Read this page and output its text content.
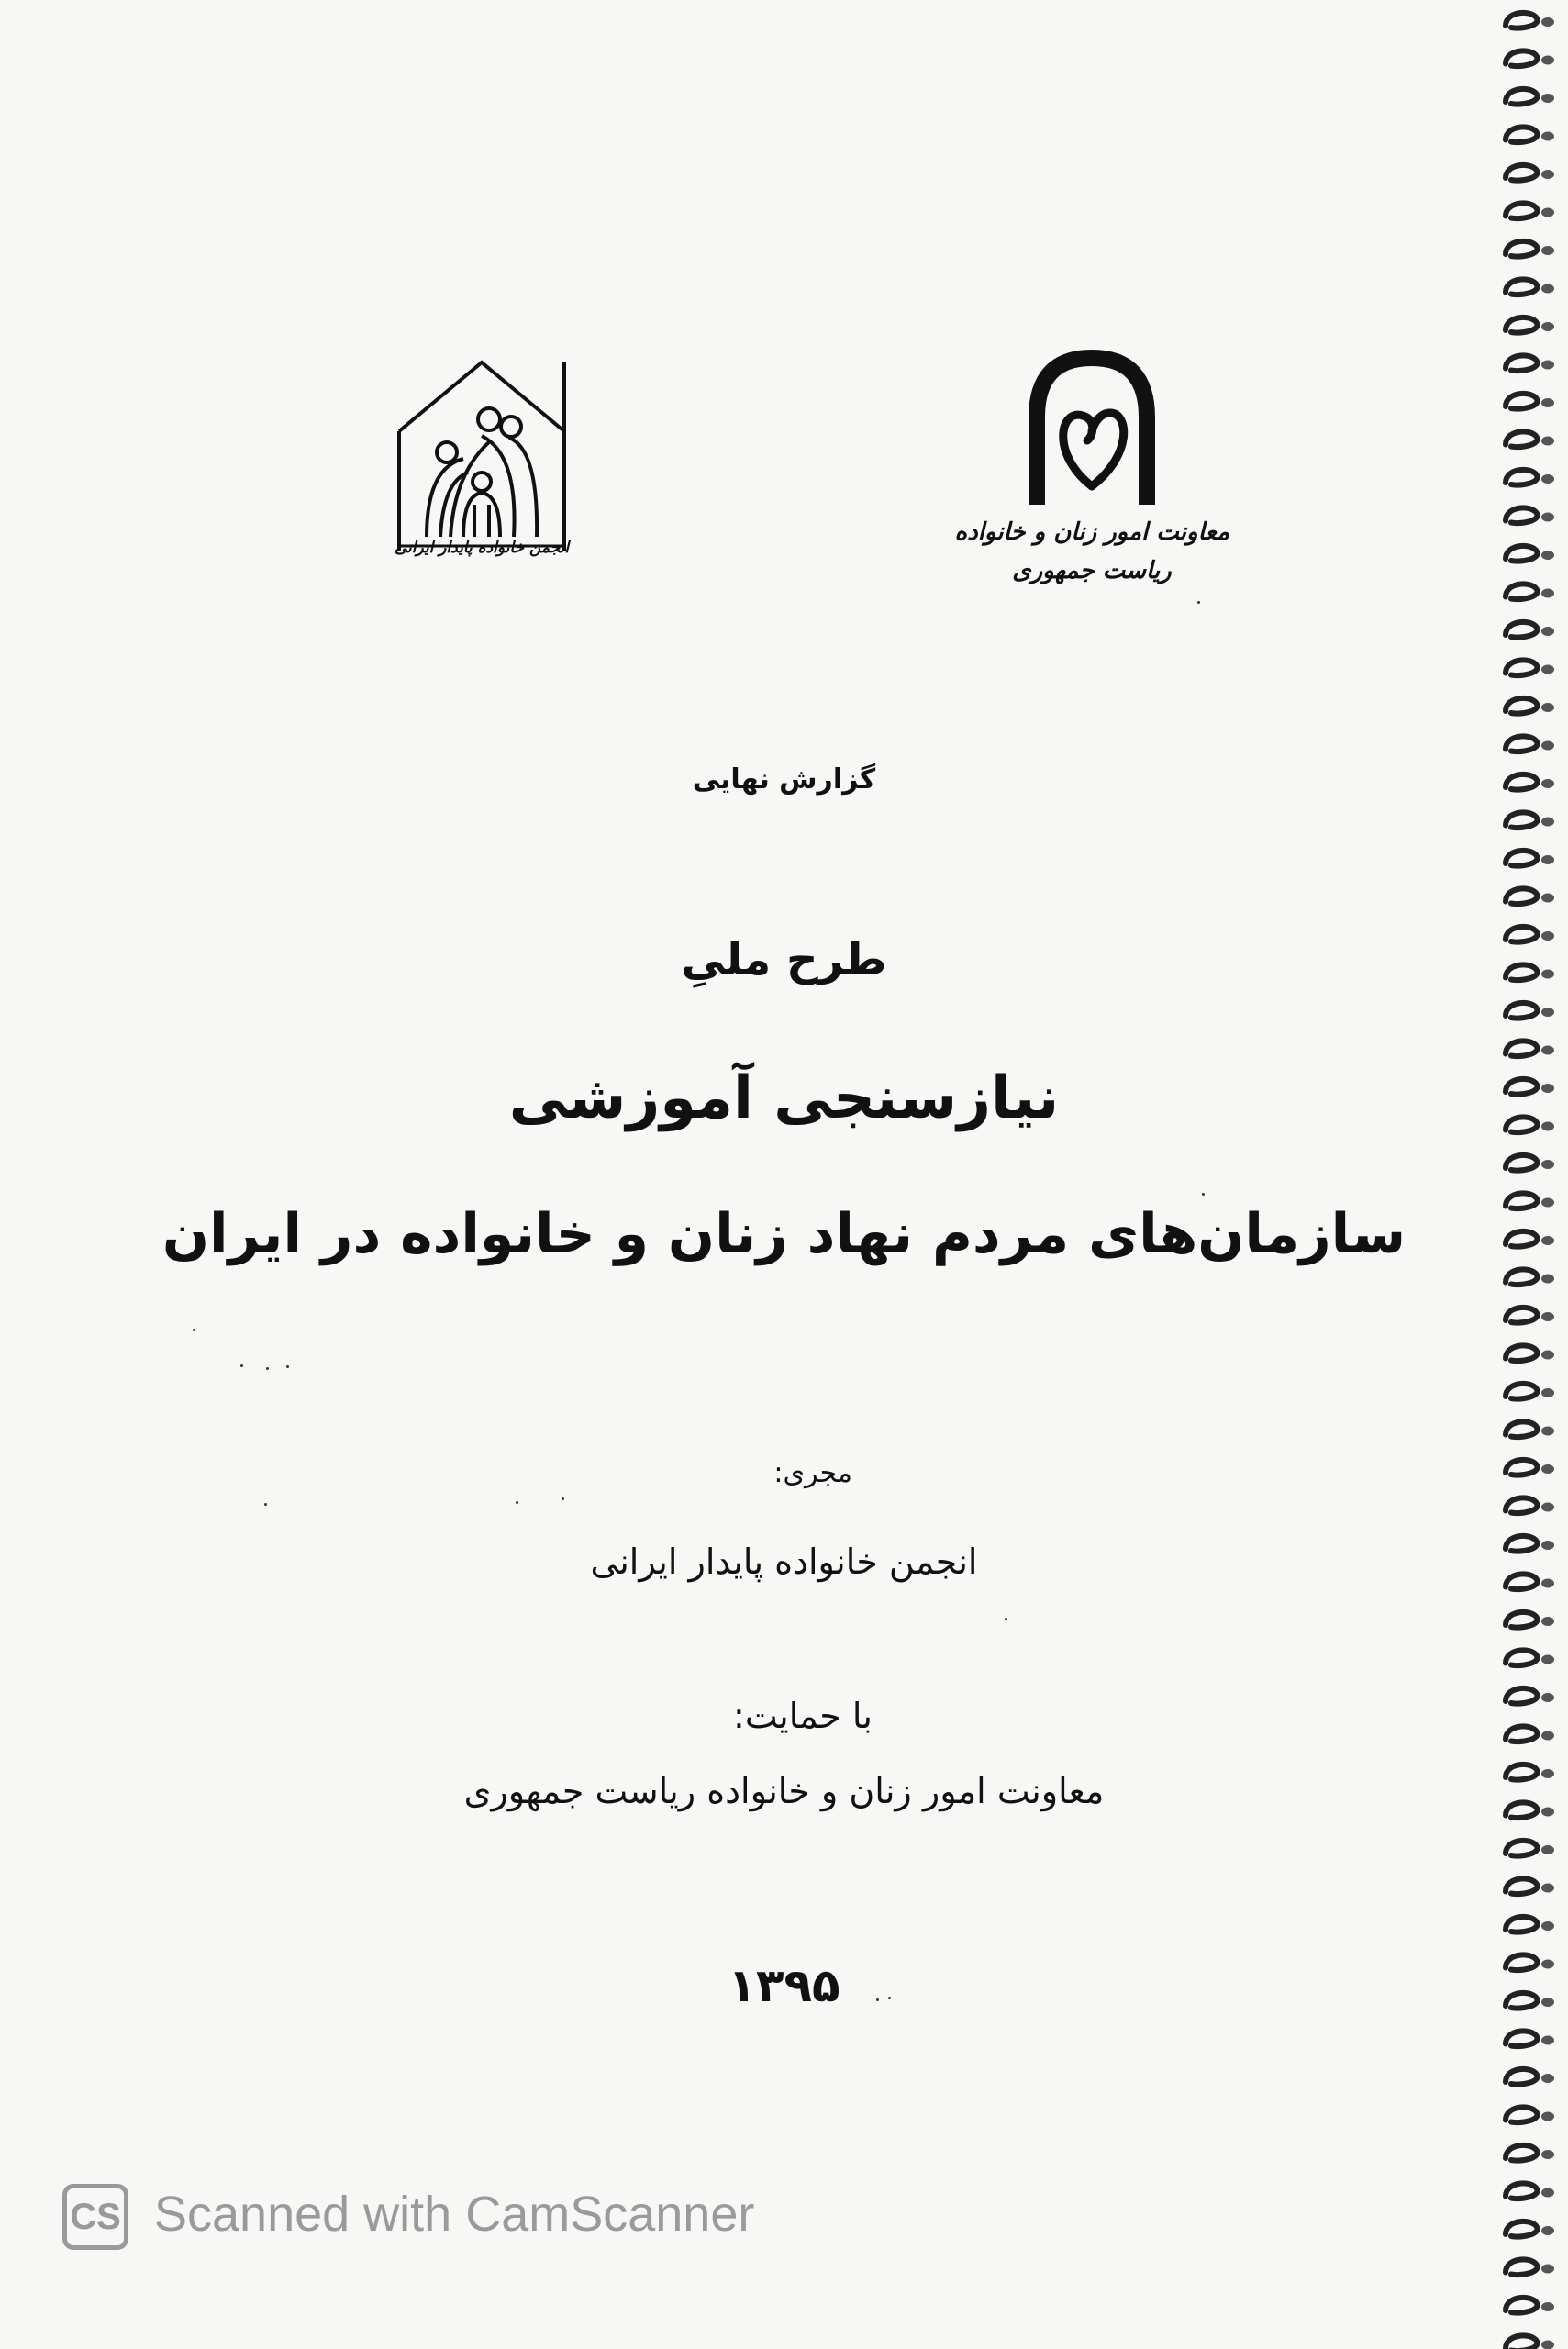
انجمن خانواده پایدار ایرانی
معاونت امور زنان و خانواده
ریاست جمهوری
گزارش نهایی
طرح ملیِ
نیازسنجی آموزشی
سازمان‌های مردم نهاد زنان و خانواده در ایران
مجری:
انجمن خانواده پایدار ایرانی
با حمایت:
معاونت امور زنان و خانواده ریاست جمهوری
۱۳۹۵
CS Scanned with CamScanner
